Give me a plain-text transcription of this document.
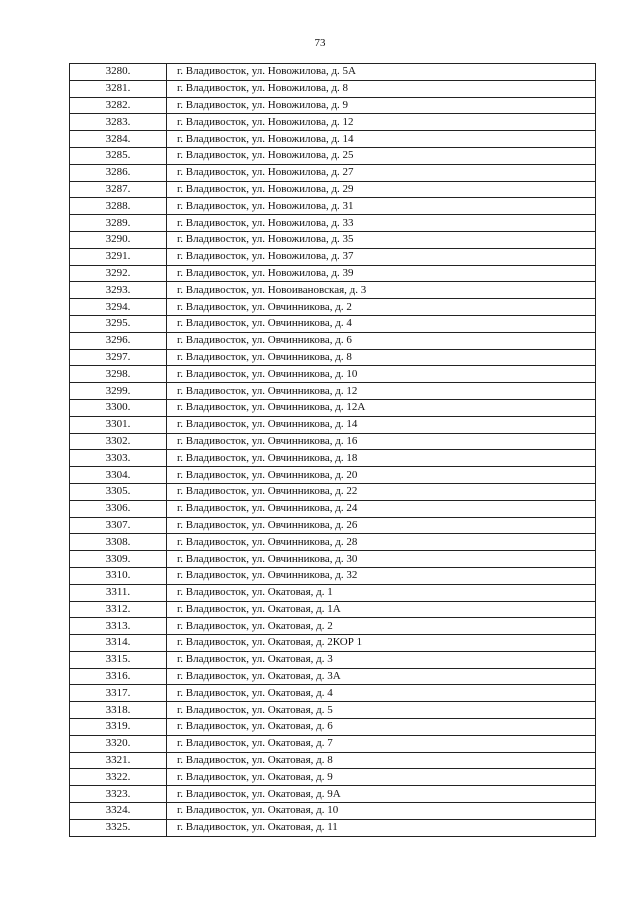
73
3280.	г. Владивосток, ул. Новожилова, д. 5А
3281.	г. Владивосток, ул. Новожилова, д. 8
3282.	г. Владивосток, ул. Новожилова, д. 9
3283.	г. Владивосток, ул. Новожилова, д. 12
3284.	г. Владивосток, ул. Новожилова, д. 14
3285.	г. Владивосток, ул. Новожилова, д. 25
3286.	г. Владивосток, ул. Новожилова, д. 27
3287.	г. Владивосток, ул. Новожилова, д. 29
3288.	г. Владивосток, ул. Новожилова, д. 31
3289.	г. Владивосток, ул. Новожилова, д. 33
3290.	г. Владивосток, ул. Новожилова, д. 35
3291.	г. Владивосток, ул. Новожилова, д. 37
3292.	г. Владивосток, ул. Новожилова, д. 39
3293.	г. Владивосток, ул. Новоивановская, д. 3
3294.	г. Владивосток, ул. Овчинникова, д. 2
3295.	г. Владивосток, ул. Овчинникова, д. 4
3296.	г. Владивосток, ул. Овчинникова, д. 6
3297.	г. Владивосток, ул. Овчинникова, д. 8
3298.	г. Владивосток, ул. Овчинникова, д. 10
3299.	г. Владивосток, ул. Овчинникова, д. 12
3300.	г. Владивосток, ул. Овчинникова, д. 12А
3301.	г. Владивосток, ул. Овчинникова, д. 14
3302.	г. Владивосток, ул. Овчинникова, д. 16
3303.	г. Владивосток, ул. Овчинникова, д. 18
3304.	г. Владивосток, ул. Овчинникова, д. 20
3305.	г. Владивосток, ул. Овчинникова, д. 22
3306.	г. Владивосток, ул. Овчинникова, д. 24
3307.	г. Владивосток, ул. Овчинникова, д. 26
3308.	г. Владивосток, ул. Овчинникова, д. 28
3309.	г. Владивосток, ул. Овчинникова, д. 30
3310.	г. Владивосток, ул. Овчинникова, д. 32
3311.	г. Владивосток, ул. Окатовая, д. 1
3312.	г. Владивосток, ул. Окатовая, д. 1А
3313.	г. Владивосток, ул. Окатовая, д. 2
3314.	г. Владивосток, ул. Окатовая, д. 2КОР 1
3315.	г. Владивосток, ул. Окатовая, д. 3
3316.	г. Владивосток, ул. Окатовая, д. 3А
3317.	г. Владивосток, ул. Окатовая, д. 4
3318.	г. Владивосток, ул. Окатовая, д. 5
3319.	г. Владивосток, ул. Окатовая, д. 6
3320.	г. Владивосток, ул. Окатовая, д. 7
3321.	г. Владивосток, ул. Окатовая, д. 8
3322.	г. Владивосток, ул. Окатовая, д. 9
3323.	г. Владивосток, ул. Окатовая, д. 9А
3324.	г. Владивосток, ул. Окатовая, д. 10
3325.	г. Владивосток, ул. Окатовая, д. 11
